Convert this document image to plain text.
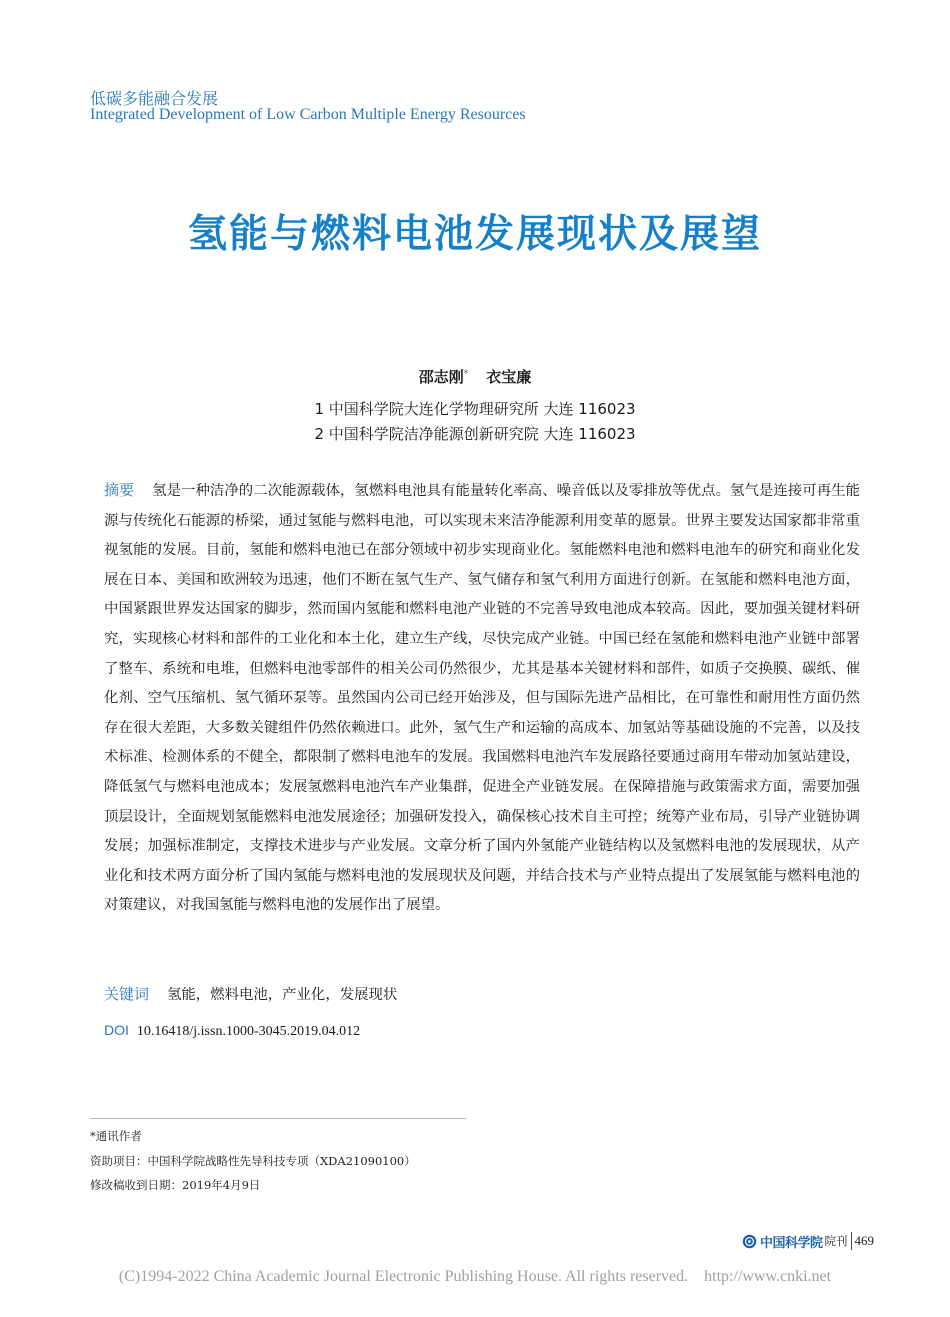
低碳多能融合发展
Integrated Development of Low Carbon Multiple Energy Resources
氢能与燃料电池发展现状及展望
邵志刚* 衣宝廉
1 中国科学院大连化学物理研究所 大连 116023
2 中国科学院洁净能源创新研究院 大连 116023
摘要 氢是一种洁净的二次能源载体，氢燃料电池具有能量转化率高、噪音低以及零排放等优点。氢气是连接可再生能源与传统化石能源的桥梁，通过氢能与燃料电池，可以实现未来洁净能源利用变革的愿景。世界主要发达国家都非常重视氢能的发展。目前，氢能和燃料电池已在部分领域中初步实现商业化。氢能燃料电池和燃料电池车的研究和商业化发展在日本、美国和欧洲较为迅速，他们不断在氢气生产、氢气储存和氢气利用方面进行创新。在氢能和燃料电池方面，中国紧跟世界发达国家的脚步，然而国内氢能和燃料电池产业链的不完善导致电池成本较高。因此，要加强关键材料研究，实现核心材料和部件的工业化和本土化，建立生产线，尽快完成产业链。中国已经在氢能和燃料电池产业链中部署了整车、系统和电堆，但燃料电池零部件的相关公司仍然很少，尤其是基本关键材料和部件，如质子交换膜、碳纸、催化剂、空气压缩机、氢气循环泵等。虽然国内公司已经开始涉及，但与国际先进产品相比，在可靠性和耐用性方面仍然存在很大差距，大多数关键组件仍然依赖进口。此外，氢气生产和运输的高成本、加氢站等基础设施的不完善，以及技术标准、检测体系的不健全，都限制了燃料电池车的发展。我国燃料电池汽车发展路径要通过商用车带动加氢站建设，降低氢气与燃料电池成本；发展氢燃料电池汽车产业集群，促进全产业链发展。在保障措施与政策需求方面，需要加强顶层设计，全面规划氢能燃料电池发展途径；加强研发投入，确保核心技术自主可控；统筹产业布局，引导产业链协调发展；加强标准制定，支撑技术进步与产业发展。文章分析了国内外氢能产业链结构以及氢燃料电池的发展现状，从产业化和技术两方面分析了国内氢能与燃料电池的发展现状及问题，并结合技术与产业特点提出了发展氢能与燃料电池的对策建议，对我国氢能与燃料电池的发展作出了展望。
关键词 氢能，燃料电池，产业化，发展现状
DOI 10.16418/j.issn.1000-3045.2019.04.012
*通讯作者
资助项目：中国科学院战略性先导科技专项（XDA21090100）
修改稿收到日期：2019年4月9日
中国科学院 院刊 469
(C)1994-2022 China Academic Journal Electronic Publishing House. All rights reserved. http://www.cnki.net
